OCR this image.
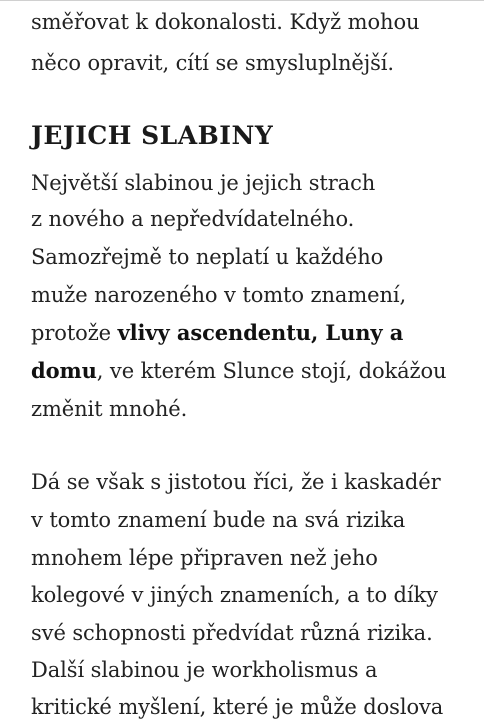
směřovat k dokonalosti. Když mohou
něco opravit, cítí se smysluplnější.
JEJICH SLABINY
Největší slabinou je jejich strach
z nového a nepředvídatelného.
Samozřejmě to neplatí u každého
muže narozeného v tomto znamení,
protože vlivy ascendentu, Luny a
domu, ve kterém Slunce stojí, dokážou
změnit mnohé.
Dá se však s jistotou říci, že i kaskadér
v tomto znamení bude na svá rizika
mnohem lépe připraven než jeho
kolegové v jiných znameních, a to díky
své schopnosti předvídat různá rizika.
Další slabinou je workholismus a
kritické myšlení, které je může doslova
